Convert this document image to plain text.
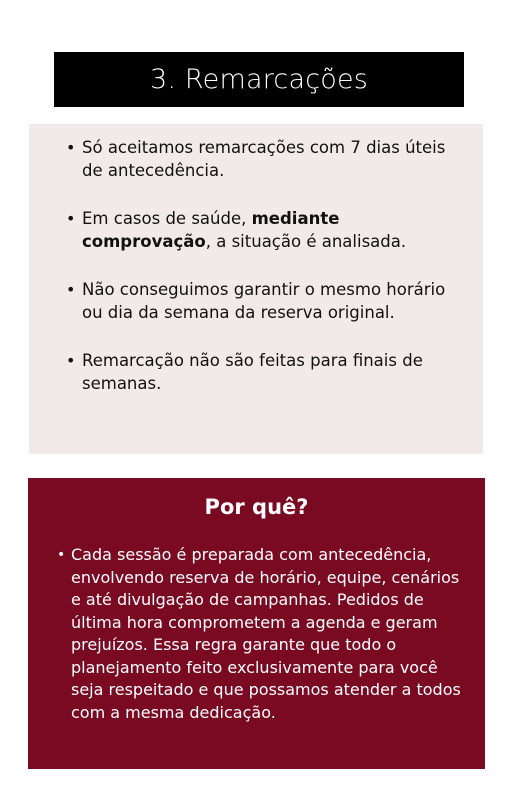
3. Remarcações
• Só aceitamos remarcações com 7 dias úteis de antecedência.
• Em casos de saúde, mediante comprovação, a situação é analisada.
• Não conseguimos garantir o mesmo horário ou dia da semana da reserva original.
• Remarcação não são feitas para finais de semanas.
Por quê?
• Cada sessão é preparada com antecedência, envolvendo reserva de horário, equipe, cenários e até divulgação de campanhas. Pedidos de última hora comprometem a agenda e geram prejuízos. Essa regra garante que todo o planejamento feito exclusivamente para você seja respeitado e que possamos atender a todos com a mesma dedicação.
